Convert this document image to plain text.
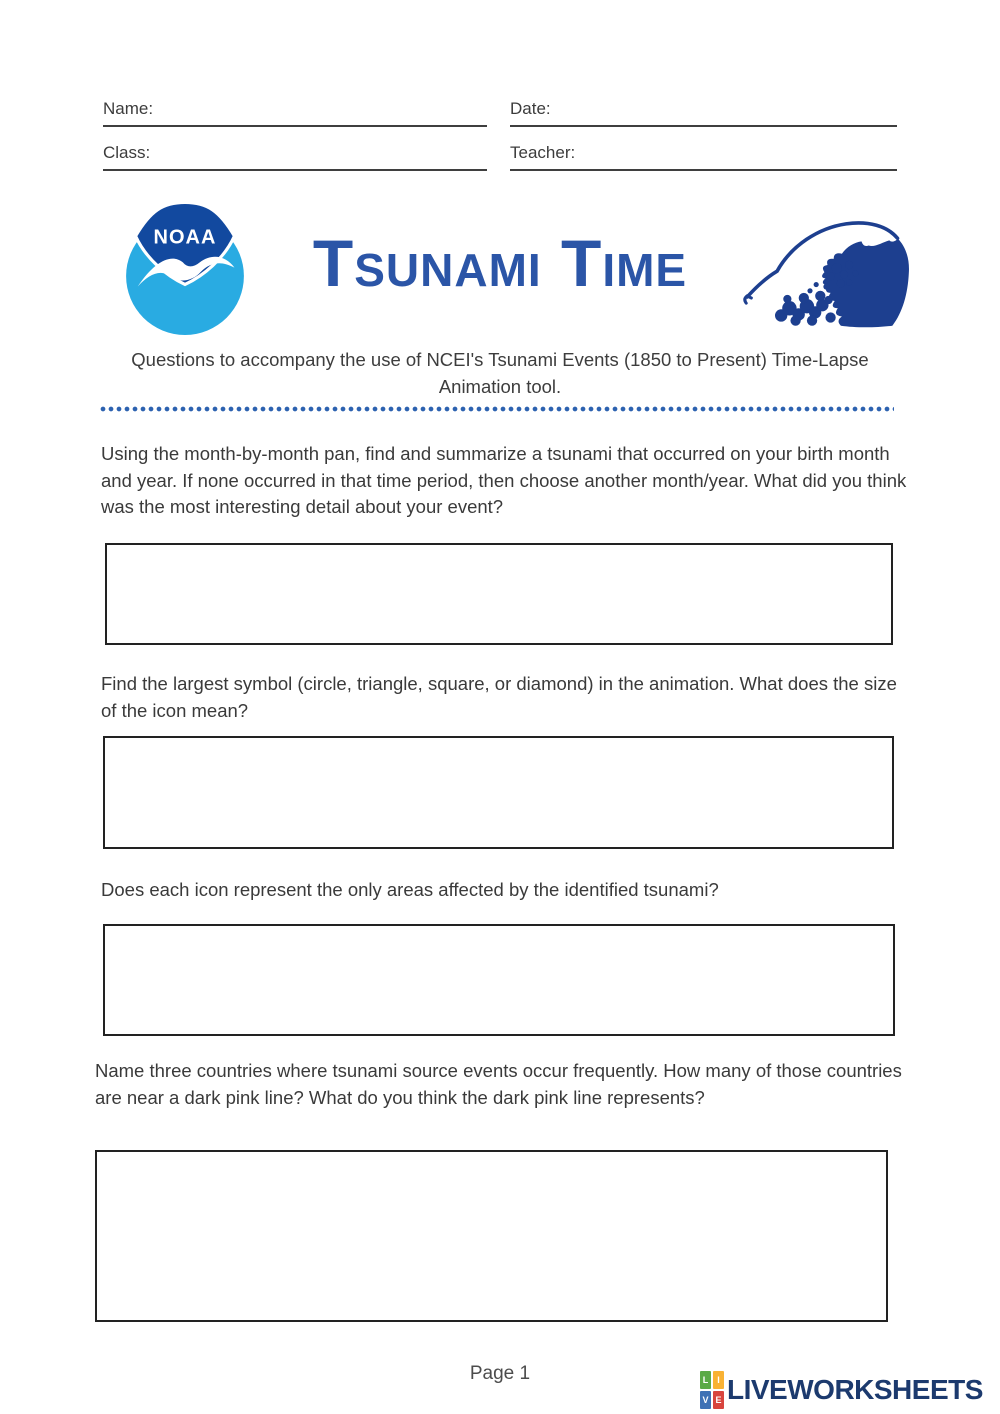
Name:	Date:
Class:	Teacher:
NOAA	Tsunami Time
Questions to accompany the use of NCEI's Tsunami Events (1850 to Present) Time-Lapse Animation tool.
Using the month-by-month pan, find and summarize a tsunami that occurred on your birth month and year. If none occurred in that time period, then choose another month/year. What did you think was the most interesting detail about your event?
Find the largest symbol (circle, triangle, square, or diamond) in the animation. What does the size of the icon mean?
Does each icon represent the only areas affected by the identified tsunami?
Name three countries where tsunami source events occur frequently. How many of those countries are near a dark pink line? What do you think the dark pink line represents?
Page 1	L I
V E LIVEWORKSHEETS
